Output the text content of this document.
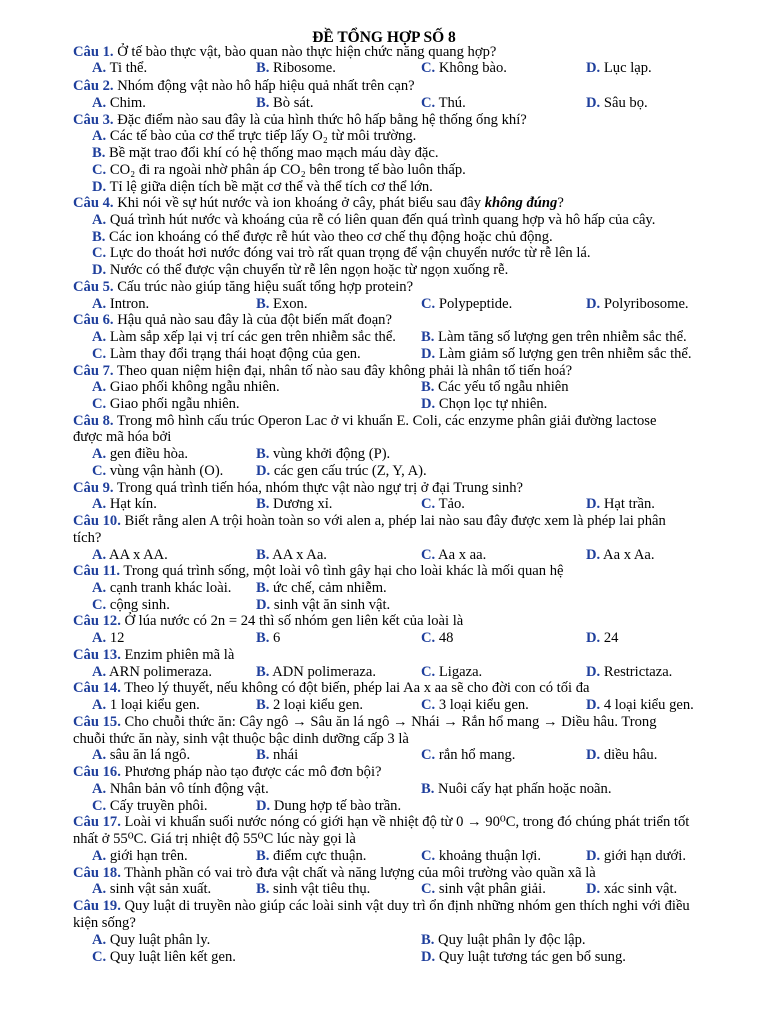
ĐỀ TỔNG HỢP SỐ 8
Câu 1. Ở tế bào thực vật, bào quan nào thực hiện chức năng quang hợp?
A. Ti thể.	B. Ribosome.	C. Không bào.	D. Lục lạp.
Câu 2. Nhóm động vật nào hô hấp hiệu quả nhất trên cạn?
A. Chim.	B. Bò sát.	C. Thú.	D. Sâu bọ.
Câu 3. Đặc điểm nào sau đây là của hình thức hô hấp bằng hệ thống ống khí?
A. Các tế bào của cơ thể trực tiếp lấy O₂ từ môi trường.
B. Bề mặt trao đổi khí có hệ thống mao mạch máu dày đặc.
C. CO₂ đi ra ngoài nhờ phân áp CO₂ bên trong tế bào luôn thấp.
D. Tỉ lệ giữa diện tích bề mặt cơ thể và thể tích cơ thể lớn.
Câu 4. Khi nói về sự hút nước và ion khoáng ở cây, phát biểu sau đây không đúng?
A. Quá trình hút nước và khoáng của rễ có liên quan đến quá trình quang hợp và hô hấp của cây.
B. Các ion khoáng có thể được rễ hút vào theo cơ chế thụ động hoặc chủ động.
C. Lực do thoát hơi nước đóng vai trò rất quan trọng để vận chuyển nước từ rễ lên lá.
D. Nước có thể được vận chuyển từ rễ lên ngọn hoặc từ ngọn xuống rễ.
Câu 5. Cấu trúc nào giúp tăng hiệu suất tổng hợp protein?
A. Intron.	B. Exon.	C. Polypeptide.	D. Polyribosome.
Câu 6. Hậu quả nào sau đây là của đột biến mất đoạn?
A. Làm sắp xếp lại vị trí các gen trên nhiễm sắc thể. B. Làm tăng số lượng gen trên nhiễm sắc thể.
C. Làm thay đổi trạng thái hoạt động của gen.	D. Làm giảm số lượng gen trên nhiễm sắc thể.
Câu 7. Theo quan niệm hiện đại, nhân tố nào sau đây không phải là nhân tố tiến hoá?
A. Giao phối không ngẫu nhiên.	B. Các yếu tố ngẫu nhiên
C. Giao phối ngẫu nhiên.	D. Chọn lọc tự nhiên.
Câu 8. Trong mô hình cấu trúc Operon Lac ở vi khuẩn E. Coli, các enzyme phân giải đường lactose
được mã hóa bởi
A. gen điều hòa.	B. vùng khởi động (P).
C. vùng vận hành (O). D. các gen cấu trúc (Z, Y, A).
Câu 9. Trong quá trình tiến hóa, nhóm thực vật nào ngự trị ở đại Trung sinh?
A. Hạt kín.	B. Dương xỉ.	C. Tảo.	D. Hạt trần.
Câu 10. Biết rằng alen A trội hoàn toàn so với alen a, phép lai nào sau đây được xem là phép lai phân
tích?
A. AA x AA.	B. AA x Aa.	C. Aa x aa.	D. Aa x Aa.
Câu 11. Trong quá trình sống, một loài vô tình gây hại cho loài khác là mối quan hệ
A. cạnh tranh khác loài. B. ức chế, cảm nhiễm.
C. cộng sinh.	D. sinh vật ăn sinh vật.
Câu 12. Ở lúa nước có 2n = 24 thì số nhóm gen liên kết của loài là
A. 12	B. 6	C. 48	D. 24
Câu 13. Enzim phiên mã là
A. ARN polimeraza.	B. ADN polimeraza.	C. Ligaza.	D. Restrictaza.
Câu 14. Theo lý thuyết, nếu không có đột biến, phép lai Aa x aa sẽ cho đời con có tối đa
A. 1 loại kiểu gen.	B. 2 loại kiểu gen.	C. 3 loại kiểu gen.	D. 4 loại kiểu gen.
Câu 15. Cho chuỗi thức ăn: Cây ngô → Sâu ăn lá ngô → Nhái → Rắn hổ mang → Diều hâu. Trong
chuỗi thức ăn này, sinh vật thuộc bậc dinh dưỡng cấp 3 là
A. sâu ăn lá ngô.	B. nhái	C. rắn hổ mang.	D. diều hâu.
Câu 16. Phương pháp nào tạo được các mô đơn bội?
A. Nhân bản vô tính động vật.	B. Nuôi cấy hạt phấn hoặc noãn.
C. Cấy truyền phôi.	D. Dung hợp tế bào trần.
Câu 17. Loài vi khuẩn suối nước nóng có giới hạn về nhiệt độ từ 0 → 90⁰C, trong đó chúng phát triển tốt
nhất ở 55⁰C. Giá trị nhiệt độ 55⁰C lúc này gọi là
A. giới hạn trên.	B. điểm cực thuận.	C. khoảng thuận lợi.	D. giới hạn dưới.
Câu 18. Thành phần có vai trò đưa vật chất và năng lượng của môi trường vào quần xã là
A. sinh vật sản xuất.	B. sinh vật tiêu thụ.	C. sinh vật phân giải.	D. xác sinh vật.
Câu 19. Quy luật di truyền nào giúp các loài sinh vật duy trì ổn định những nhóm gen thích nghi với điều
kiện sống?
A. Quy luật phân ly.	B. Quy luật phân ly độc lập.
C. Quy luật liên kết gen.	D. Quy luật tương tác gen bổ sung.
